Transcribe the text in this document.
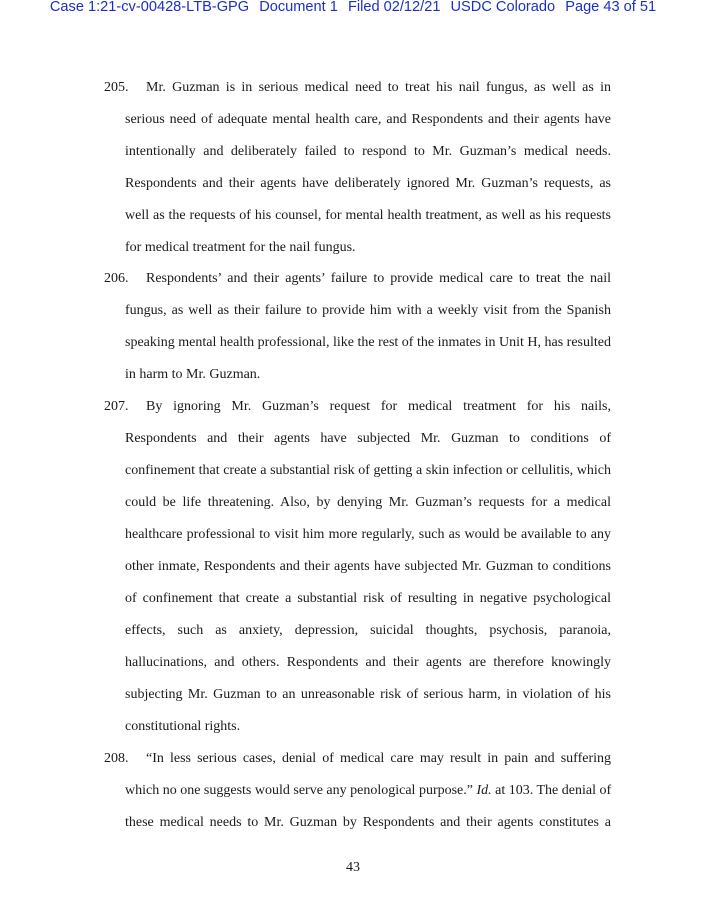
Case 1:21-cv-00428-LTB-GPG Document 1 Filed 02/12/21 USDC Colorado Page 43 of 51
205. Mr. Guzman is in serious medical need to treat his nail fungus, as well as in
serious need of adequate mental health care, and Respondents and their agents have
intentionally and deliberately failed to respond to Mr. Guzman’s medical needs.
Respondents and their agents have deliberately ignored Mr. Guzman’s requests, as
well as the requests of his counsel, for mental health treatment, as well as his requests
for medical treatment for the nail fungus.
206. Respondents’ and their agents’ failure to provide medical care to treat the nail
fungus, as well as their failure to provide him with a weekly visit from the Spanish
speaking mental health professional, like the rest of the inmates in Unit H, has resulted
in harm to Mr. Guzman.
207. By ignoring Mr. Guzman’s request for medical treatment for his nails,
Respondents and their agents have subjected Mr. Guzman to conditions of
confinement that create a substantial risk of getting a skin infection or cellulitis, which
could be life threatening. Also, by denying Mr. Guzman’s requests for a medical
healthcare professional to visit him more regularly, such as would be available to any
other inmate, Respondents and their agents have subjected Mr. Guzman to conditions
of confinement that create a substantial risk of resulting in negative psychological
effects, such as anxiety, depression, suicidal thoughts, psychosis, paranoia,
hallucinations, and others. Respondents and their agents are therefore knowingly
subjecting Mr. Guzman to an unreasonable risk of serious harm, in violation of his
constitutional rights.
208. “In less serious cases, denial of medical care may result in pain and suffering
which no one suggests would serve any penological purpose.” Id. at 103. The denial of
these medical needs to Mr. Guzman by Respondents and their agents constitutes a
43
